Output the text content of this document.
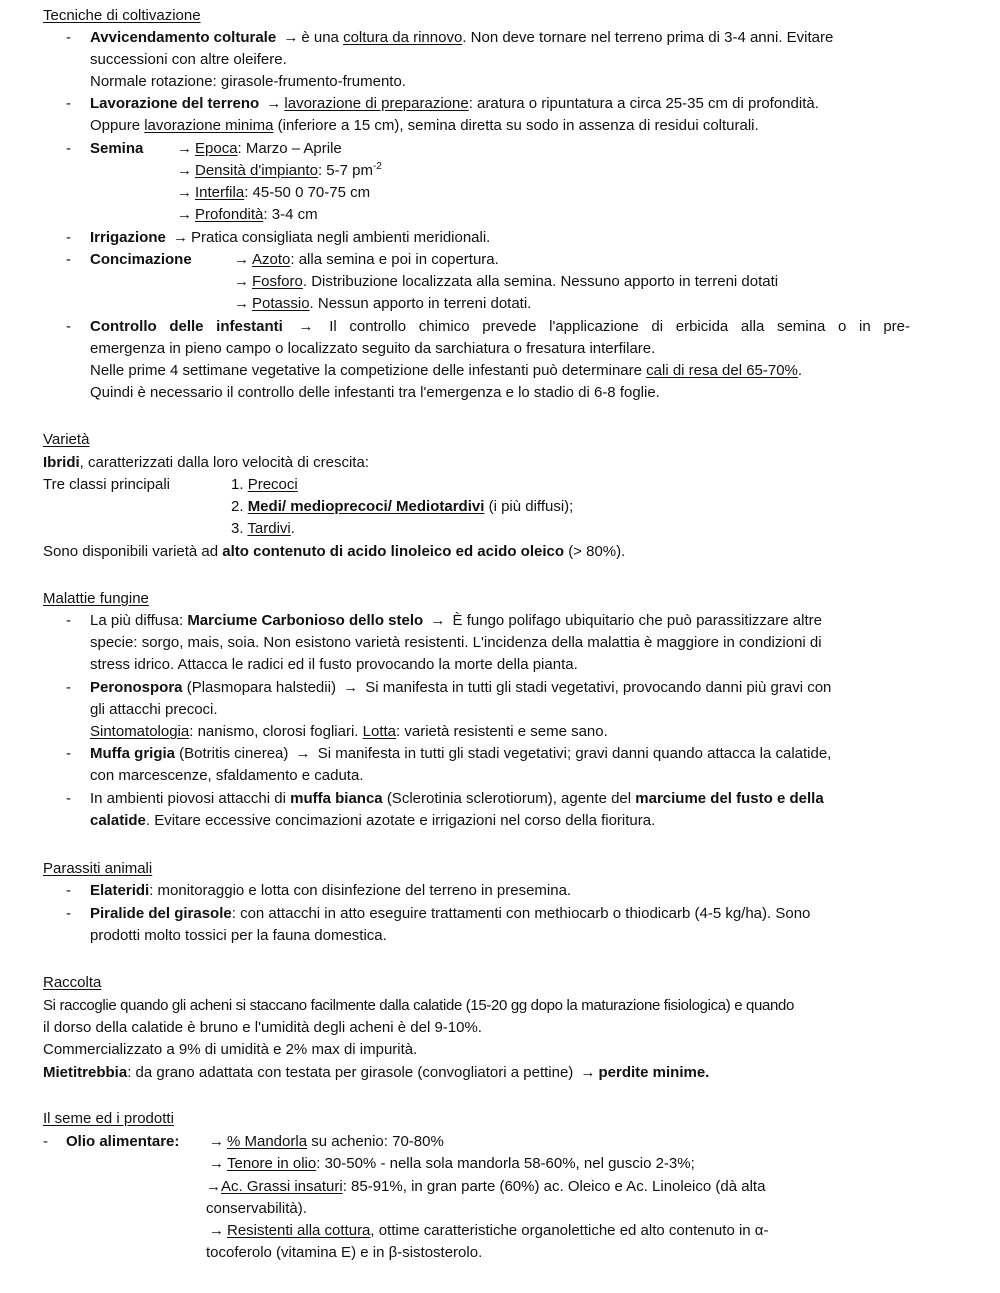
Tecniche di coltivazione
- Avvicendamento colturale → è una coltura da rinnovo. Non deve tornare nel terreno prima di 3-4 anni. Evitare
successioni con altre oleifere.
Normale rotazione: girasole-frumento-frumento.
- Lavorazione del terreno → lavorazione di preparazione: aratura o ripuntatura a circa 25-35 cm di profondità.
Oppure lavorazione minima (inferiore a 15 cm), semina diretta su sodo in assenza di residui colturali.
- Semina → Epoca: Marzo – Aprile
→ Densità d'impianto: 5-7 $pm^{-2}$
→ Interfila: 45-50 0 70-75 cm
→ Profondità: 3-4 cm
- Irrigazione → Pratica consigliata negli ambienti meridionali.
- Concimazione	→ Azoto: alla semina e poi in copertura.
→ Fosforo. Distribuzione localizzata alla semina. Nessuno apporto in terreni dotati
→ Potassio. Nessun apporto in terreni dotati.
- Controllo delle infestanti → Il controllo chimico prevede l'applicazione di erbicida alla semina o in pre-
emergenza in pieno campo o localizzato seguito da sarchiatura o fresatura interfilare.
Nelle prime 4 settimane vegetative la competizione delle infestanti può determinare cali di resa del 65-70%.
Quindi è necessario il controllo delle infestanti tra l'emergenza e lo stadio di 6-8 foglie.
Varietà
Ibridi, caratterizzati dalla loro velocità di crescita:
Tre classi principali	1. Precoci
2. Medi/ medioprecoci/ Mediotardivi (i più diffusi);
3. Tardivi.
Sono disponibili varietà ad alto contenuto di acido linoleico ed acido oleico (> 80%).
Malattie fungine
- La più diffusa: Marciume Carbonioso dello stelo → È fungo polifago ubiquitario che può parassitizzare altre
specie: sorgo, mais, soia. Non esistono varietà resistenti. L'incidenza della malattia è maggiore in condizioni di
stress idrico. Attacca le radici ed il fusto provocando la morte della pianta.
- Peronospora (Plasmopara halstedii) → Si manifesta in tutti gli stadi vegetativi, provocando danni più gravi con
gli attacchi precoci.
Sintomatologia: nanismo, clorosi fogliari. Lotta: varietà resistenti e seme sano.
- Muffa grigia (Botritis cinerea) → Si manifesta in tutti gli stadi vegetativi; gravi danni quando attacca la calatide,
con marcescenze, sfaldamento e caduta.
- In ambienti piovosi attacchi di muffa bianca (Sclerotinia sclerotiorum), agente del marciume del fusto e della
calatide. Evitare eccessive concimazioni azotate e irrigazioni nel corso della fioritura.
Parassiti animali
- Elateridi: monitoraggio e lotta con disinfezione del terreno in presemina.
- Piralide del girasole: con attacchi in atto eseguire trattamenti con methiocarb o thiodicarb (4-5 kg/ha). Sono
prodotti molto tossici per la fauna domestica.
Raccolta
Si raccoglie quando gli acheni si staccano facilmente dalla calatide (15-20 gg dopo la maturazione fisiologica) e quando
il dorso della calatide è bruno e l'umidità degli acheni è del 9-10%.
Commercializzato a 9% di umidità e 2% max di impurità.
Mietitrebbia: da grano adattata con testata per girasole (convogliatori a pettine) → perdite minime.
Il seme ed i prodotti
- Olio alimentare: → % Mandorla su achenio: 70-80%
→ Tenore in olio: 30-50% - nella sola mandorla 58-60%, nel guscio 2-3%;
→Ac. Grassi insaturi: 85-91%, in gran parte (60%) ac. Oleico e Ac. Linoleico (dà alta
conservabilità).
→ Resistenti alla cottura, ottime caratteristiche organolettiche ed alto contenuto in α-
tocoferolo (vitamina E) e in β-sistosterolo.
